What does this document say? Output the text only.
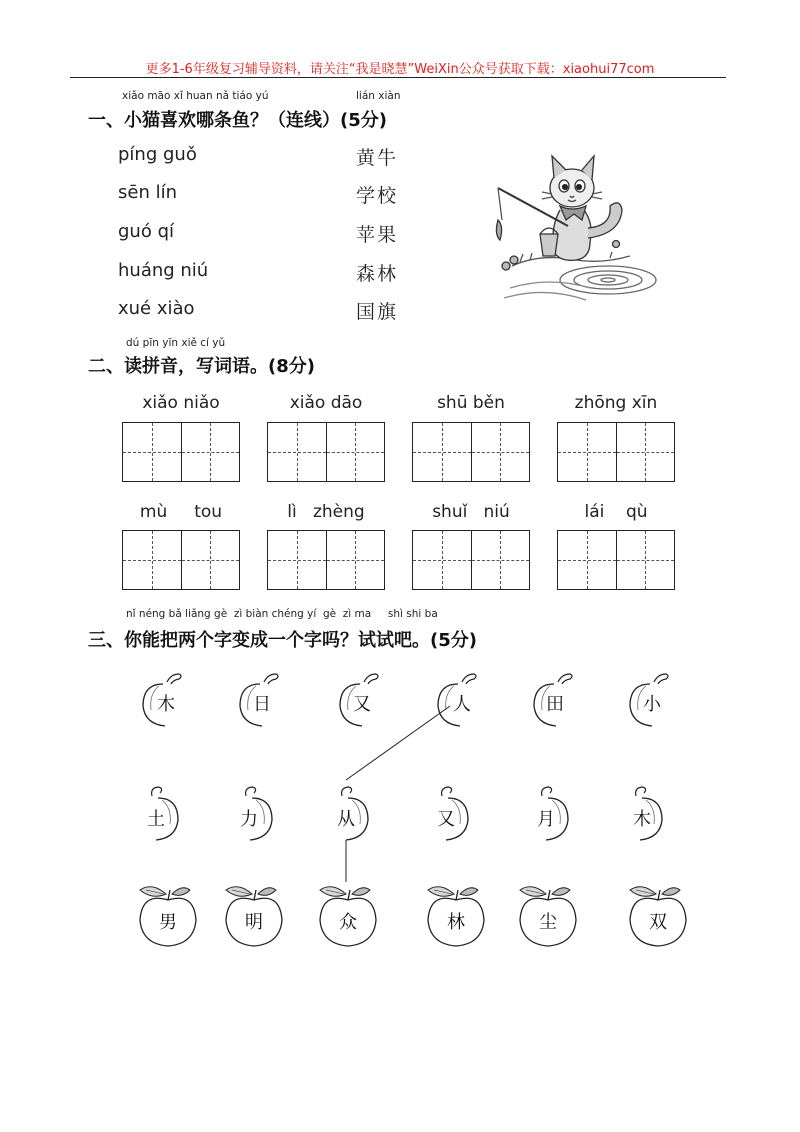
更多1-6年级复习辅导资料，请关注“我是晓慧”WeiXin公众号获取下载：xiaohui77com
xiǎo māo xǐ huan nǎ tiáo yú	lián xiàn
一、小猫喜欢哪条鱼？（连线）(5分)
píng guǒ
sēn lín
guó qí
huáng niú
xué xiào
黄牛
学校
苹果
森林
国旗
dú pīn yīn xiě cí yǔ
二、读拼音，写词语。(8分)
xiǎo niǎo	xiǎo dāo	shū běn	zhōng xīn
mù     tou	lì   zhèng	shuǐ   niú	lái    qù
nǐ néng bǎ liǎng gè  zì biàn chéng yí  gè  zì ma     shì shi ba
三、你能把两个字变成一个字吗？试试吧。(5分)
木	日	又	人	田	小
土	力	从	又	月	木
男	明	众	林	尘	双
